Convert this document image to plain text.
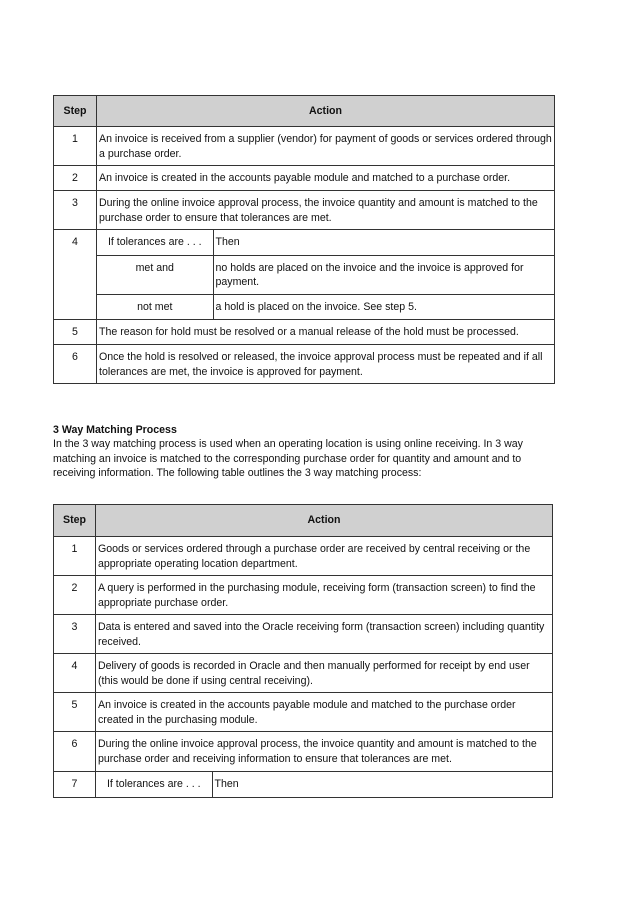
Step	Action
1	An invoice is received from a supplier (vendor) for payment of goods or services ordered through a purchase order.
2	An invoice is created in the accounts payable module and matched to a purchase order.
3	During the online invoice approval process, the invoice quantity and amount is matched to the purchase order to ensure that tolerances are met.
4		If tolerances are . . .	Then
met and	no holds are placed on the invoice and the invoice is approved for payment.
not met	a hold is placed on the invoice. See step 5.

5	The reason for hold must be resolved or a manual release of the hold must be processed.
6	Once the hold is resolved or released, the invoice approval process must be repeated and if all tolerances are met, the invoice is approved for payment.
3 Way Matching Process

In the 3 way matching process is used when an operating location is using online receiving. In 3 way matching an invoice is matched to the corresponding purchase order for quantity and amount and to receiving information. The following table outlines the 3 way matching process:

Step	Action
1	Goods or services ordered through a purchase order are received by central receiving or the appropriate operating location department.
2	A query is performed in the purchasing module, receiving form (transaction screen) to find the appropriate purchase order.
3	Data is entered and saved into the Oracle receiving form (transaction screen) including quantity received.
4	Delivery of goods is recorded in Oracle and then manually performed for receipt by end user (this would be done if using central receiving).
5	An invoice is created in the accounts payable module and matched to the purchase order created in the purchasing module.
6	During the online invoice approval process, the invoice quantity and amount is matched to the purchase order and receiving information to ensure that tolerances are met.
7		If tolerances are . . .	Then
